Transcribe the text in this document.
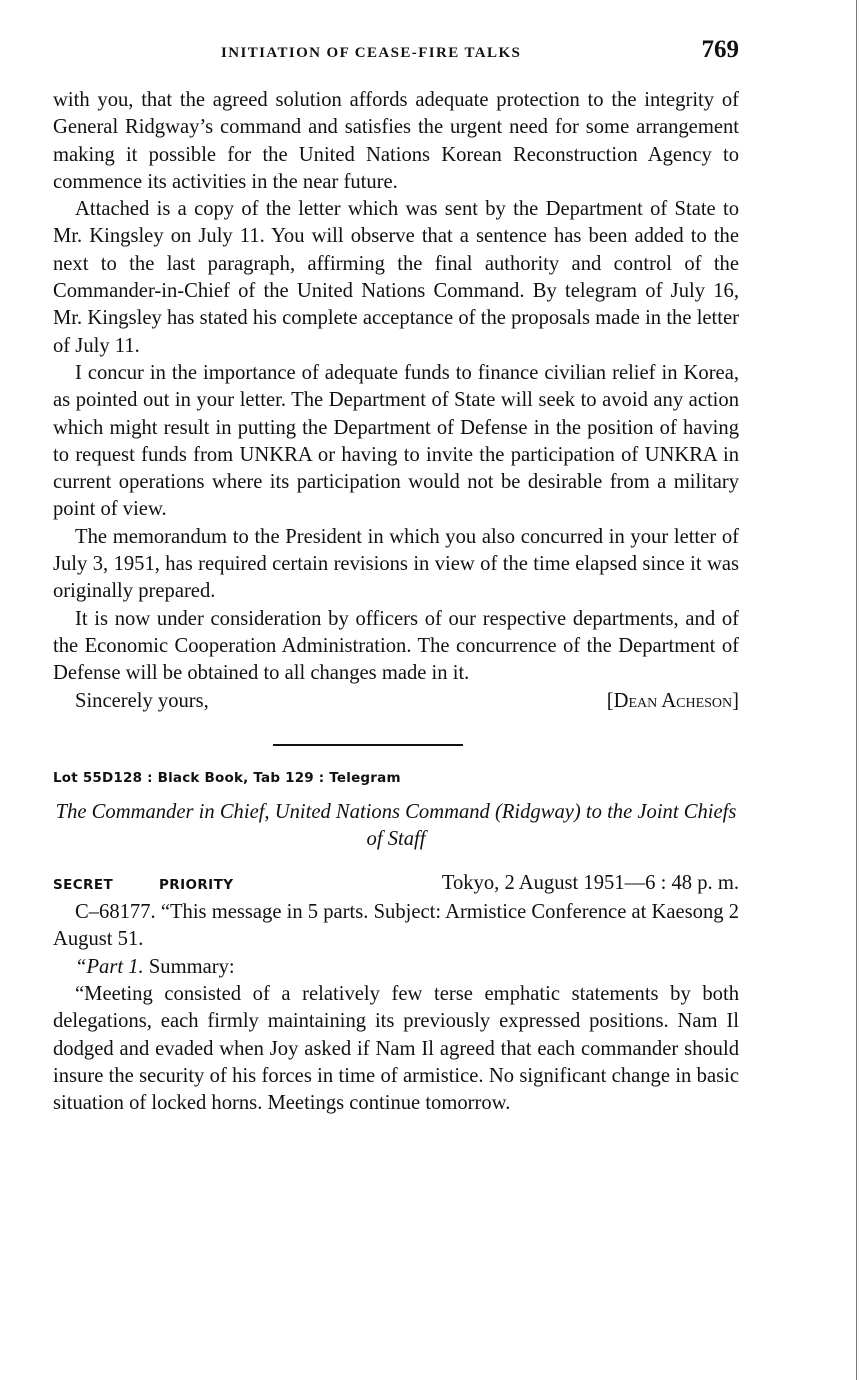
INITIATION OF CEASE-FIRE TALKS	769

with you, that the agreed solution affords adequate protection to the integrity of General Ridgway’s command and satisfies the urgent need for some arrangement making it possible for the United Nations Korean Reconstruction Agency to commence its activities in the near future.

Attached is a copy of the letter which was sent by the Department of State to Mr. Kingsley on July 11. You will observe that a sentence has been added to the next to the last paragraph, affirming the final authority and control of the Commander-in-Chief of the United Nations Command. By telegram of July 16, Mr. Kingsley has stated his complete acceptance of the proposals made in the letter of July 11.

I concur in the importance of adequate funds to finance civilian relief in Korea, as pointed out in your letter. The Department of State will seek to avoid any action which might result in putting the Department of Defense in the position of having to request funds from UNKRA or having to invite the participation of UNKRA in current operations where its participation would not be desirable from a military point of view.

The memorandum to the President in which you also concurred in your letter of July 3, 1951, has required certain revisions in view of the time elapsed since it was originally prepared.

It is now under consideration by officers of our respective departments, and of the Economic Cooperation Administration. The concurrence of the Department of Defense will be obtained to all changes made in it.

Sincerely yours,	[Dean Acheson]
Lot 55D128 : Black Book, Tab 129 : Telegram
The Commander in Chief, United Nations Command (Ridgway) to the Joint Chiefs of Staff
SECRET	PRIORITY	Tokyo, 2 August 1951—6 : 48 p. m.

C–68177. “This message in 5 parts. Subject: Armistice Conference at Kaesong 2 August 51.

“Part 1. Summary:

“Meeting consisted of a relatively few terse emphatic statements by both delegations, each firmly maintaining its previously expressed positions. Nam Il dodged and evaded when Joy asked if Nam Il agreed that each commander should insure the security of his forces in time of armistice. No significant change in basic situation of locked horns. Meetings continue tomorrow.
